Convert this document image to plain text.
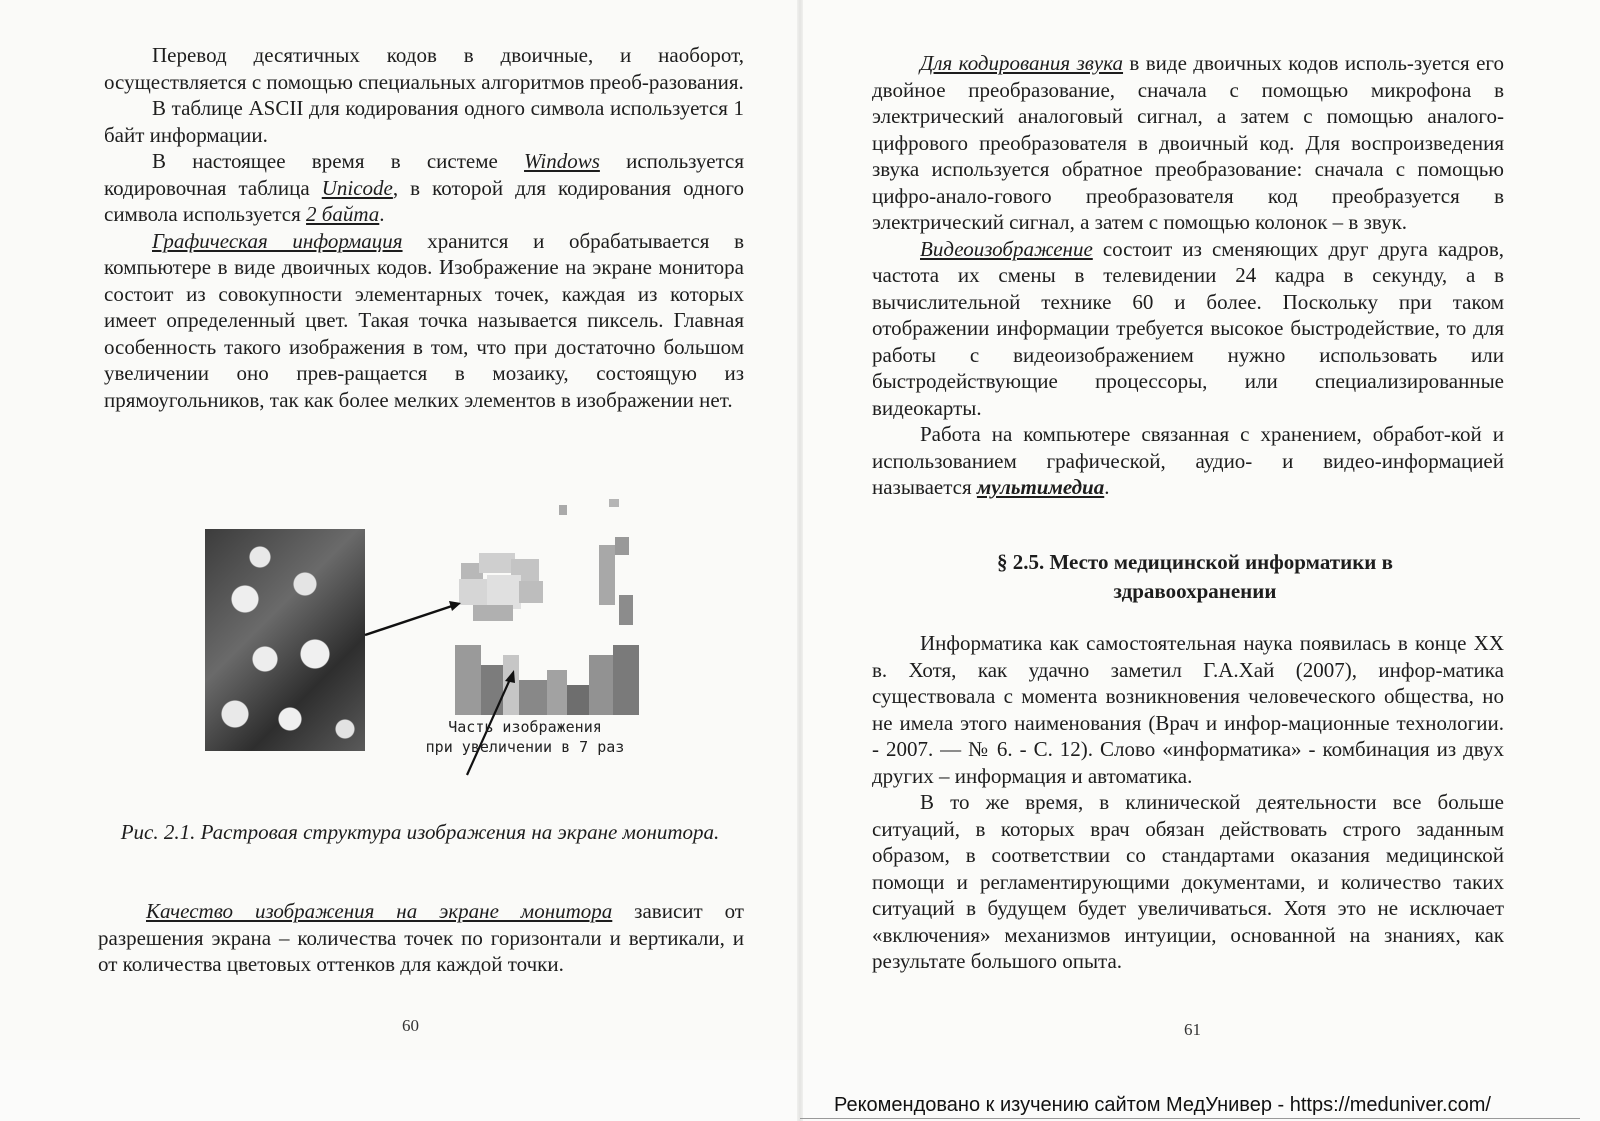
Перевод десятичных кодов в двоичные, и наоборот, осуществляется с помощью специальных алгоритмов преоб-разования.

В таблице ASCII для кодирования одного символа используется 1 байт информации.

В настоящее время в системе Windows используется кодировочная таблица Unicode, в которой для кодирования одного символа используется 2 байта.

Графическая информация хранится и обрабатывается в компьютере в виде двоичных кодов. Изображение на экране монитора состоит из совокупности элементарных точек, каждая из которых имеет определенный цвет. Такая точка называется пиксель. Главная особенность такого изображения в том, что при достаточно большом увеличении оно прев-ращается в мозаику, состоящую из прямоугольников, так как более мелких элементов в изображении нет.

Часть изображения
при увеличении в 7 раз
Рис. 2.1. Растровая структура изображения на экране монитора.

Качество изображения на экране монитора зависит от разрешения экрана – количества точек по горизонтали и вертикали, и от количества цветовых оттенков для каждой точки.

60

Для кодирования звука в виде двоичных кодов исполь-зуется его двойное преобразование, сначала с помощью микрофона в электрический аналоговый сигнал, а затем с помощью аналого-цифрового преобразователя в двоичный код. Для воспроизведения звука используется обратное преобразование: сначала с помощью цифро-анало-гового преобразователя код преобразуется в электрический сигнал, а затем с помощью колонок – в звук.

Видеоизображение состоит из сменяющих друг друга кадров, частота их смены в телевидении 24 кадра в секунду, а в вычислительной технике 60 и более. Поскольку при таком отображении информации требуется высокое быстродействие, то для работы с видеоизображением нужно использовать или быстродействующие процессоры, или специализированные видеокарты.

Работа на компьютере связанная с хранением, обработ-кой и использованием графической, аудио- и видео-информацией называется мультимедиа.

§ 2.5. Место медицинской информатики в
здравоохранении

Информатика как самостоятельная наука появилась в конце XX в. Хотя, как удачно заметил Г.А.Хай (2007), инфор-матика существовала с момента возникновения человеческого общества, но не имела этого наименования (Врач и инфор-мационные технологии. - 2007. — № 6. - С. 12). Слово «информатика» - комбинация из двух других – информация и автоматика.

В то же время, в клинической деятельности все больше ситуаций, в которых врач обязан действовать строго заданным образом, в соответствии со стандартами оказания медицинской помощи и регламентирующими документами, и количество таких ситуаций в будущем будет увеличиваться. Хотя это не исключает «включения» механизмов интуиции, основанной на знаниях, как результате большого опыта.

61
Рекомендовано к изучению сайтом МедУнивер - https://meduniver.com/
